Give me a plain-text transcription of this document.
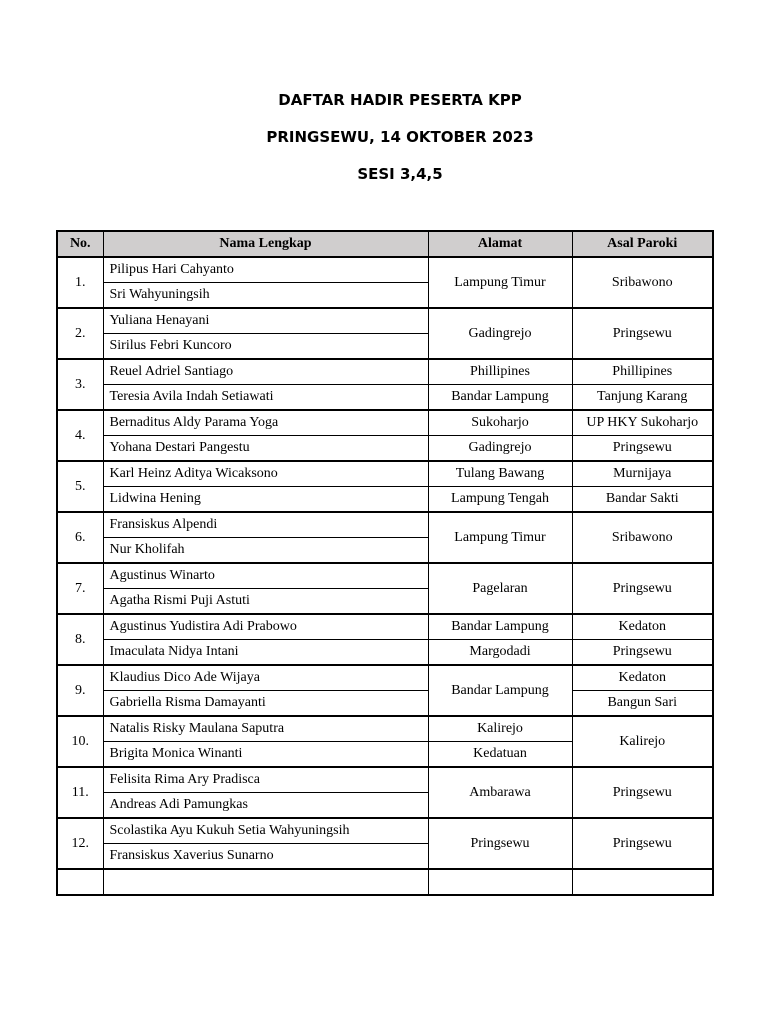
DAFTAR HADIR PESERTA KPP
PRINGSEWU, 14 OKTOBER 2023
SESI 3,4,5
No.	Nama Lengkap	Alamat	Asal Paroki
1.	Pilipus Hari Cahyanto	Lampung Timur	Sribawono
	Sri Wahyuningsih		
2.	Yuliana Henayani	Gadingrejo	Pringsewu
	Sirilus Febri Kuncoro		
3.	Reuel Adriel Santiago	Phillipines	Phillipines
	Teresia Avila Indah Setiawati	Bandar Lampung	Tanjung Karang
4.	Bernaditus Aldy Parama Yoga	Sukoharjo	UP HKY Sukoharjo
	Yohana Destari Pangestu	Gadingrejo	Pringsewu
5.	Karl Heinz Aditya Wicaksono	Tulang Bawang	Murnijaya
	Lidwina Hening	Lampung Tengah	Bandar Sakti
6.	Fransiskus Alpendi	Lampung Timur	Sribawono
	Nur Kholifah		
7.	Agustinus Winarto	Pagelaran	Pringsewu
	Agatha Rismi Puji Astuti		
8.	Agustinus Yudistira Adi Prabowo	Bandar Lampung	Kedaton
	Imaculata Nidya Intani	Margodadi	Pringsewu
9.	Klaudius Dico Ade Wijaya	Bandar Lampung	Kedaton
	Gabriella Risma Damayanti		Bangun Sari
10.	Natalis Risky Maulana Saputra	Kalirejo	Kalirejo
	Brigita Monica Winanti	Kedatuan	
11.	Felisita Rima Ary Pradisca	Ambarawa	Pringsewu
	Andreas Adi Pamungkas		
12.	Scolastika Ayu Kukuh Setia Wahyuningsih	Pringsewu	Pringsewu
	Fransiskus Xaverius Sunarno		
